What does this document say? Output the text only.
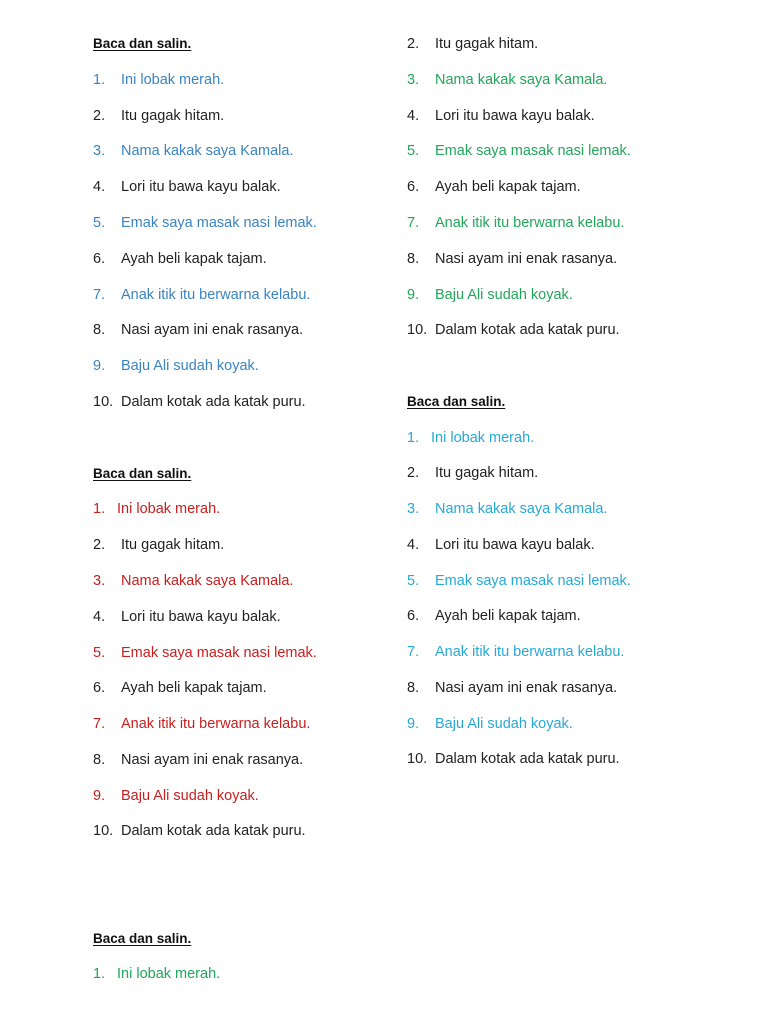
Baca dan salin.
1. Ini lobak merah.
2. Itu gagak hitam.
3. Nama kakak saya Kamala.
4. Lori itu bawa kayu balak.
5. Emak saya masak nasi lemak.
6. Ayah beli kapak tajam.
7. Anak itik itu berwarna kelabu.
8. Nasi ayam ini enak rasanya.
9. Baju Ali sudah koyak.
10. Dalam kotak ada katak puru.
Baca dan salin.
1. Ini lobak merah.
2. Itu gagak hitam.
3. Nama kakak saya Kamala.
4. Lori itu bawa kayu balak.
5. Emak saya masak nasi lemak.
6. Ayah beli kapak tajam.
7. Anak itik itu berwarna kelabu.
8. Nasi ayam ini enak rasanya.
9. Baju Ali sudah koyak.
10. Dalam kotak ada katak puru.
Baca dan salin.
1. Ini lobak merah.
2. Itu gagak hitam.
3. Nama kakak saya Kamala.
4. Lori itu bawa kayu balak.
5. Emak saya masak nasi lemak.
6. Ayah beli kapak tajam.
7. Anak itik itu berwarna kelabu.
8. Nasi ayam ini enak rasanya.
9. Baju Ali sudah koyak.
10. Dalam kotak ada katak puru.
Baca dan salin.
1. Ini lobak merah.
2. Itu gagak hitam.
3. Nama kakak saya Kamala.
4. Lori itu bawa kayu balak.
5. Emak saya masak nasi lemak.
6. Ayah beli kapak tajam.
7. Anak itik itu berwarna kelabu.
8. Nasi ayam ini enak rasanya.
9. Baju Ali sudah koyak.
10. Dalam kotak ada katak puru.
